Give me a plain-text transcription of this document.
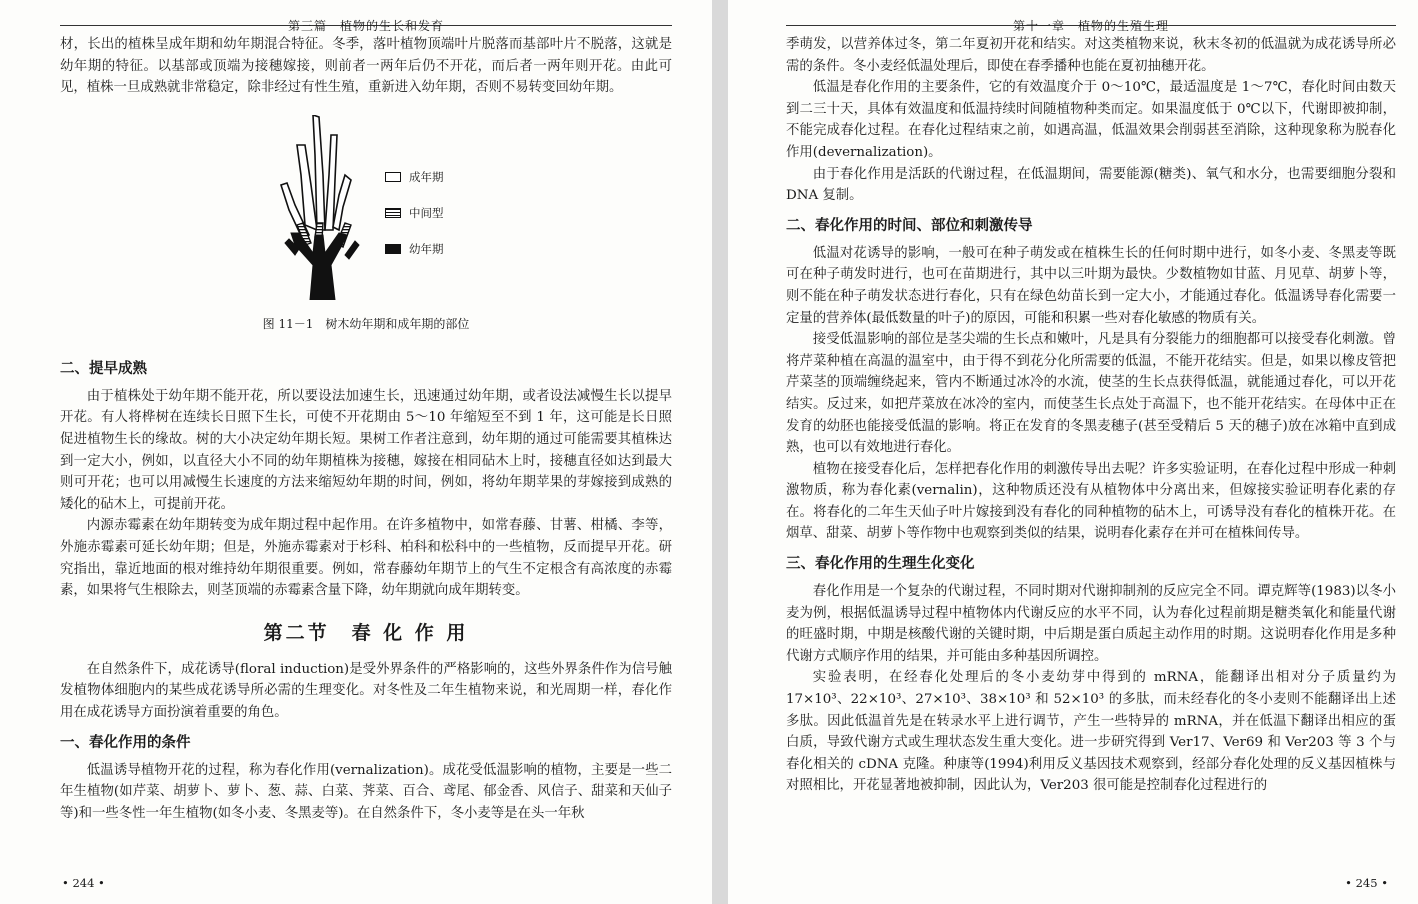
第三篇　植物的生长和发育

材，长出的植株呈成年期和幼年期混合特征。冬季，落叶植物顶端叶片脱落而基部叶片不脱落，这就是幼年期的特征。以基部或顶端为接穗嫁接，则前者一两年后仍不开花，而后者一两年则开花。由此可见，植株一旦成熟就非常稳定，除非经过有性生殖，重新进入幼年期，否则不易转变回幼年期。

成年期
中间型
幼年期
图 11－1　树木幼年期和成年期的部位
二、提早成熟

由于植株处于幼年期不能开花，所以要设法加速生长，迅速通过幼年期，或者设法减慢生长以提早开花。有人将桦树在连续长日照下生长，可使不开花期由 5～10 年缩短至不到 1 年，这可能是长日照促进植物生长的缘故。树的大小决定幼年期长短。果树工作者注意到，幼年期的通过可能需要其植株达到一定大小，例如，以直径大小不同的幼年期植株为接穗，嫁接在相同砧木上时，接穗直径如达到最大则可开花；也可以用减慢生长速度的方法来缩短幼年期的时间，例如，将幼年期苹果的芽嫁接到成熟的矮化的砧木上，可提前开花。

内源赤霉素在幼年期转变为成年期过程中起作用。在许多植物中，如常春藤、甘薯、柑橘、李等，外施赤霉素可延长幼年期；但是，外施赤霉素对于杉科、柏科和松科中的一些植物，反而提早开花。研究指出，靠近地面的根对维持幼年期很重要。例如，常春藤幼年期节上的气生不定根含有高浓度的赤霉素，如果将气生根除去，则茎顶端的赤霉素含量下降，幼年期就向成年期转变。

第二节　春 化 作 用

在自然条件下，成花诱导(floral induction)是受外界条件的严格影响的，这些外界条件作为信号触发植物体细胞内的某些成花诱导所必需的生理变化。对冬性及二年生植物来说，和光周期一样，春化作用在成花诱导方面扮演着重要的角色。

一、春化作用的条件

低温诱导植物开花的过程，称为春化作用(vernalization)。成花受低温影响的植物，主要是一些二年生植物(如芹菜、胡萝卜、萝卜、葱、蒜、白菜、荠菜、百合、鸢尾、郁金香、风信子、甜菜和天仙子等)和一些冬性一年生植物(如冬小麦、冬黑麦等)。在自然条件下，冬小麦等是在头一年秋

• 244 •
第十一章　植物的生殖生理

季萌发，以营养体过冬，第二年夏初开花和结实。对这类植物来说，秋末冬初的低温就为成花诱导所必需的条件。冬小麦经低温处理后，即使在春季播种也能在夏初抽穗开花。

低温是春化作用的主要条件，它的有效温度介于 0～10℃，最适温度是 1～7℃，春化时间由数天到二三十天，具体有效温度和低温持续时间随植物种类而定。如果温度低于 0℃以下，代谢即被抑制，不能完成春化过程。在春化过程结束之前，如遇高温，低温效果会削弱甚至消除，这种现象称为脱春化作用(devernalization)。

由于春化作用是活跃的代谢过程，在低温期间，需要能源(糖类)、氧气和水分，也需要细胞分裂和 DNA 复制。

二、春化作用的时间、部位和刺激传导

低温对花诱导的影响，一般可在种子萌发或在植株生长的任何时期中进行，如冬小麦、冬黑麦等既可在种子萌发时进行，也可在苗期进行，其中以三叶期为最快。少数植物如甘蓝、月见草、胡萝卜等，则不能在种子萌发状态进行春化，只有在绿色幼苗长到一定大小，才能通过春化。低温诱导春化需要一定量的营养体(最低数量的叶子)的原因，可能和积累一些对春化敏感的物质有关。

接受低温影响的部位是茎尖端的生长点和嫩叶，凡是具有分裂能力的细胞都可以接受春化刺激。曾将芹菜种植在高温的温室中，由于得不到花分化所需要的低温，不能开花结实。但是，如果以橡皮管把芹菜茎的顶端缠绕起来，管内不断通过冰冷的水流，使茎的生长点获得低温，就能通过春化，可以开花结实。反过来，如把芹菜放在冰冷的室内，而使茎生长点处于高温下，也不能开花结实。在母体中正在发育的幼胚也能接受低温的影响。将正在发育的冬黑麦穗子(甚至受精后 5 天的穗子)放在冰箱中直到成熟，也可以有效地进行春化。

植物在接受春化后，怎样把春化作用的刺激传导出去呢？许多实验证明，在春化过程中形成一种刺激物质，称为春化素(vernalin)，这种物质还没有从植物体中分离出来，但嫁接实验证明春化素的存在。将春化的二年生天仙子叶片嫁接到没有春化的同种植物的砧木上，可诱导没有春化的植株开花。在烟草、甜菜、胡萝卜等作物中也观察到类似的结果，说明春化素存在并可在植株间传导。

三、春化作用的生理生化变化

春化作用是一个复杂的代谢过程，不同时期对代谢抑制剂的反应完全不同。谭克辉等(1983)以冬小麦为例，根据低温诱导过程中植物体内代谢反应的水平不同，认为春化过程前期是糖类氧化和能量代谢的旺盛时期，中期是核酸代谢的关键时期，中后期是蛋白质起主动作用的时期。这说明春化作用是多种代谢方式顺序作用的结果，并可能由多种基因所调控。

实验表明，在经春化处理后的冬小麦幼芽中得到的 mRNA，能翻译出相对分子质量约为 17×10³、22×10³、27×10³、38×10³ 和 52×10³ 的多肽，而未经春化的冬小麦则不能翻译出上述多肽。因此低温首先是在转录水平上进行调节，产生一些特异的 mRNA，并在低温下翻译出相应的蛋白质，导致代谢方式或生理状态发生重大变化。进一步研究得到 Ver17、Ver69 和 Ver203 等 3 个与春化相关的 cDNA 克隆。种康等(1994)利用反义基因技术观察到，经部分春化处理的反义基因植株与对照相比，开花显著地被抑制，因此认为，Ver203 很可能是控制春化过程进行的

• 245 •
